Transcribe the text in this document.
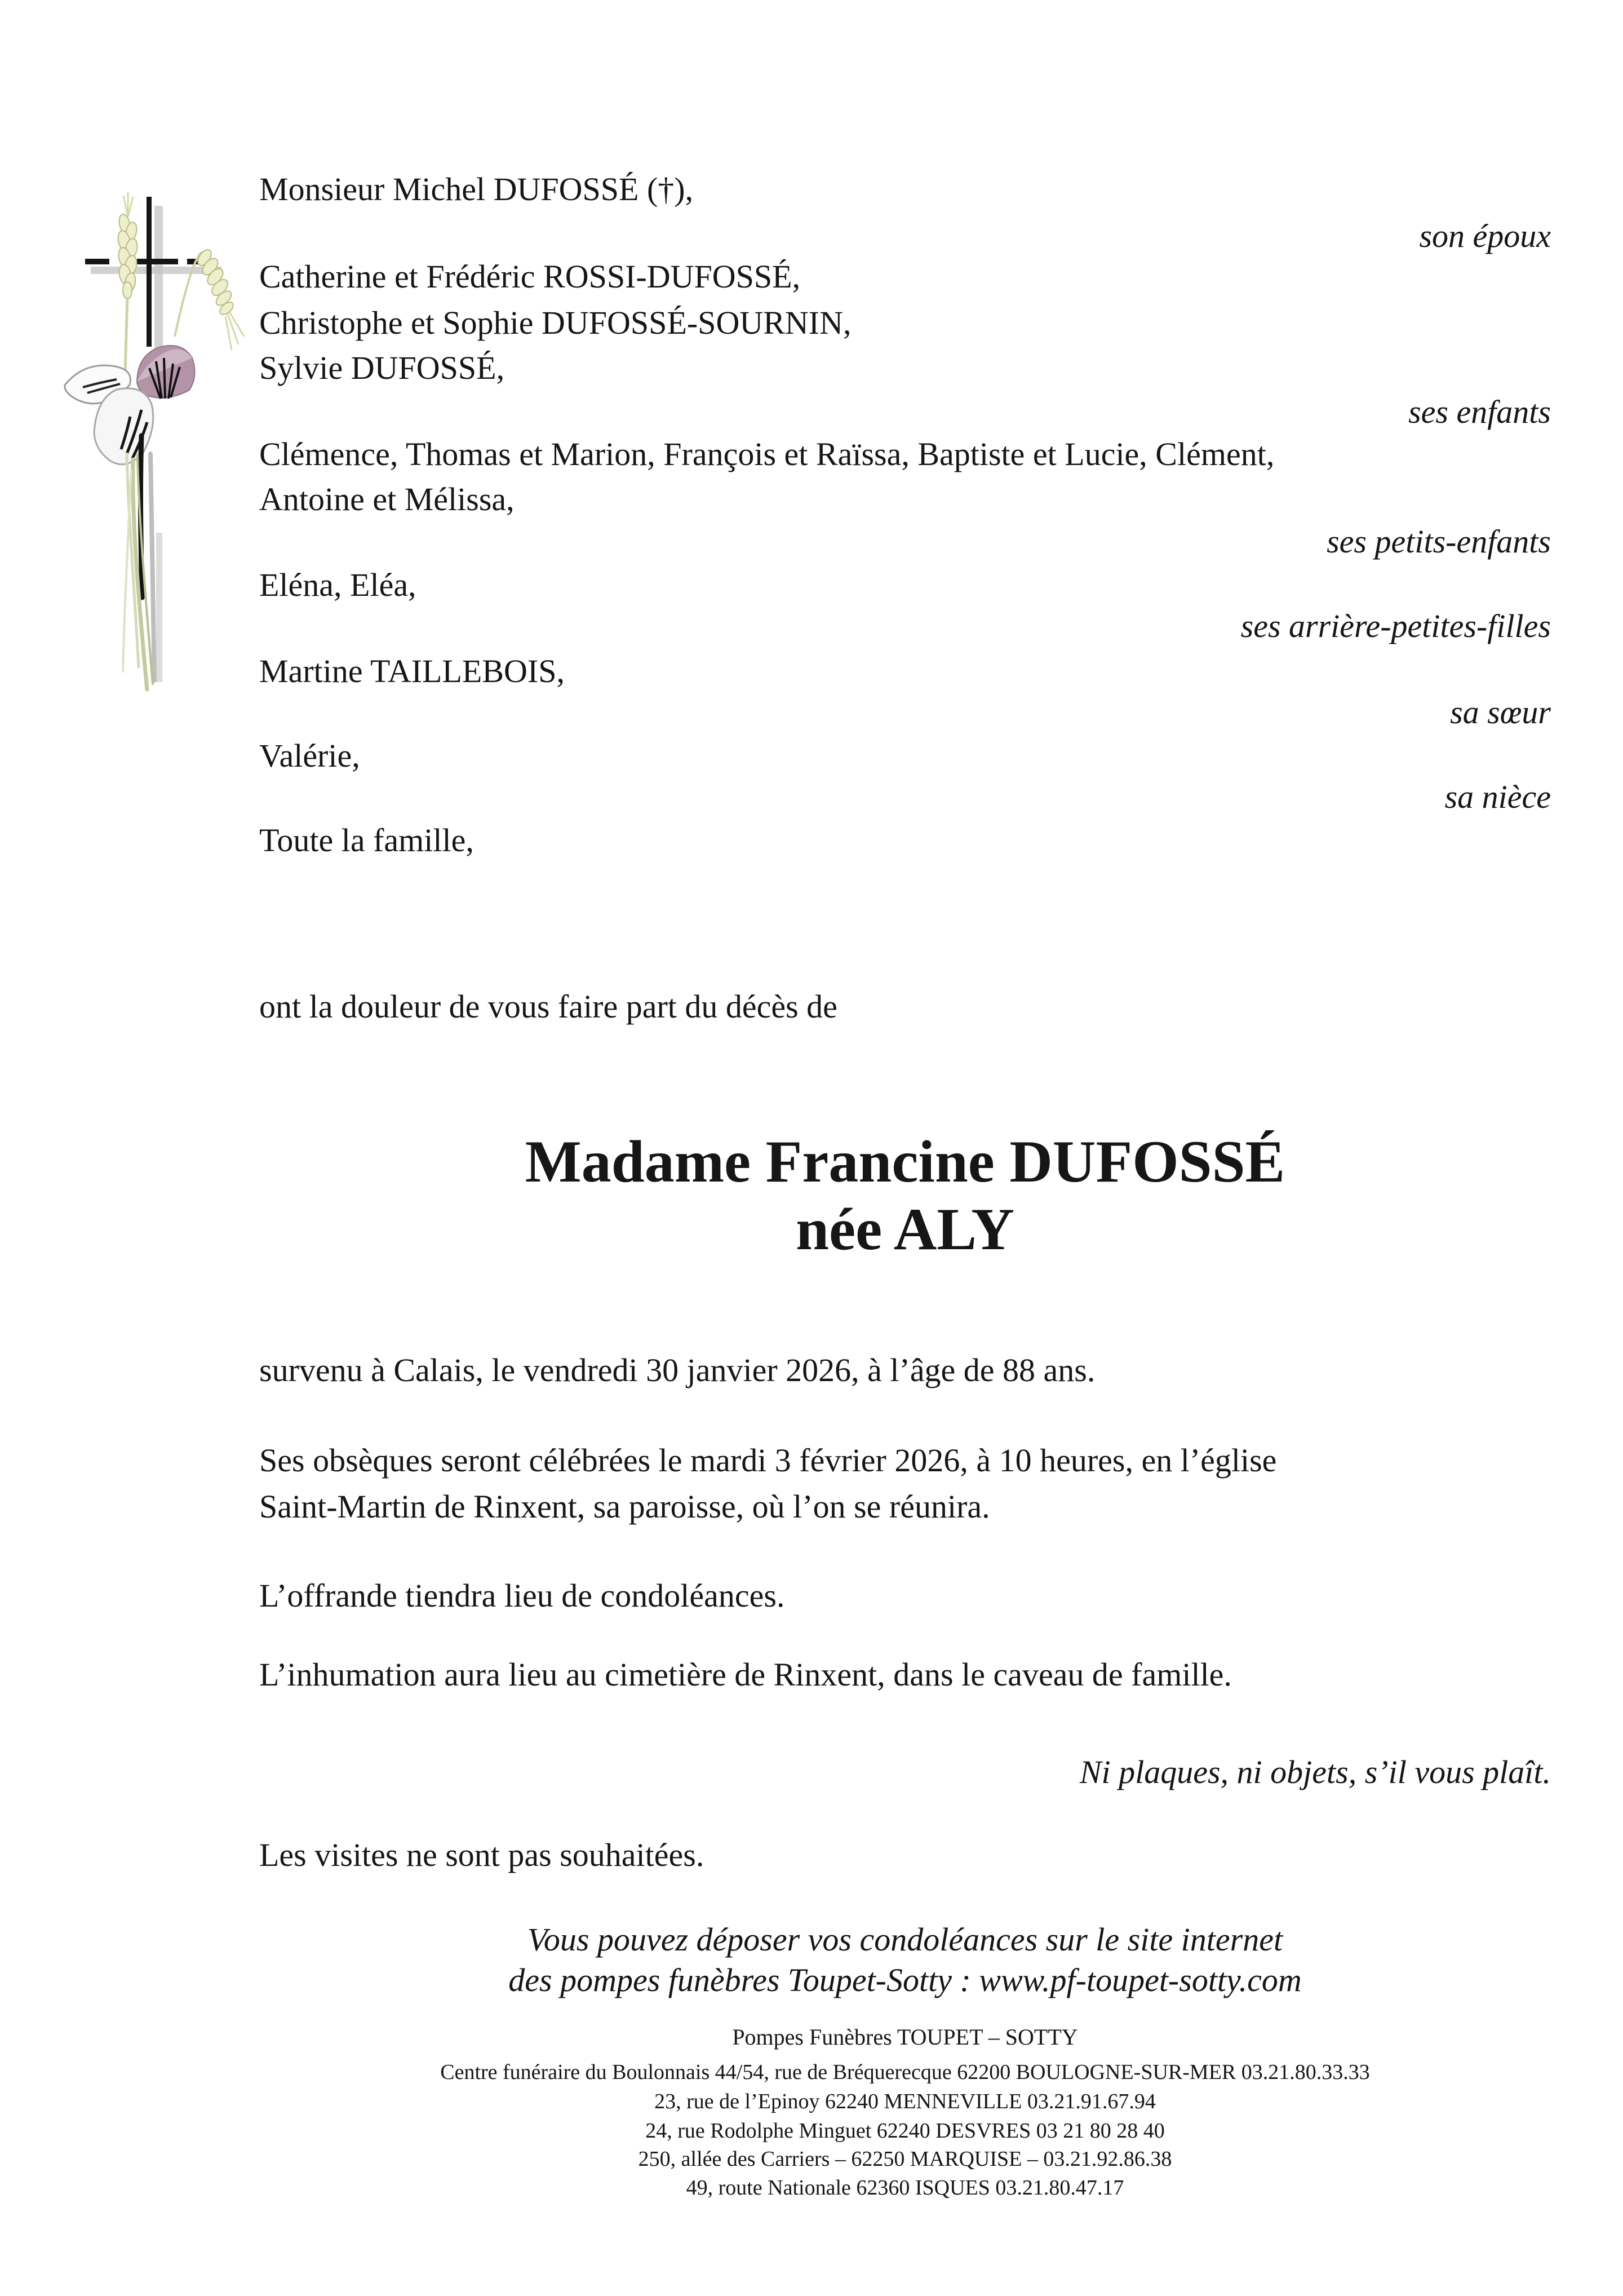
Monsieur Michel DUFOSSÉ (†),

son époux

Catherine et Frédéric ROSSI-DUFOSSÉ,

Christophe et Sophie DUFOSSÉ-SOURNIN,

Sylvie DUFOSSÉ,

ses enfants

Clémence, Thomas et Marion, François et Raïssa, Baptiste et Lucie, Clément,

Antoine et Mélissa,

ses petits-enfants

Eléna, Eléa,

ses arrière-petites-filles

Martine TAILLEBOIS,

sa sœur

Valérie,

sa nièce

Toute la famille,

ont la douleur de vous faire part du décès de

Madame Francine DUFOSSÉ
née ALY

survenu à Calais, le vendredi 30 janvier 2026, à l’âge de 88 ans.

Ses obsèques seront célébrées le mardi 3 février 2026, à 10 heures, en l’église

Saint-Martin de Rinxent, sa paroisse, où l’on se réunira.

L’offrande tiendra lieu de condoléances.

L’inhumation aura lieu au cimetière de Rinxent, dans le caveau de famille.

Ni plaques, ni objets, s’il vous plaît.

Les visites ne sont pas souhaitées.

Vous pouvez déposer vos condoléances sur le site internet

des pompes funèbres Toupet-Sotty : www.pf-toupet-sotty.com

Pompes Funèbres TOUPET – SOTTY

Centre funéraire du Boulonnais 44/54, rue de Bréquerecque 62200 BOULOGNE-SUR-MER 03.21.80.33.33

23, rue de l’Epinoy 62240 MENNEVILLE 03.21.91.67.94

24, rue Rodolphe Minguet 62240 DESVRES 03 21 80 28 40

250, allée des Carriers – 62250 MARQUISE – 03.21.92.86.38

49, route Nationale 62360 ISQUES 03.21.80.47.17
